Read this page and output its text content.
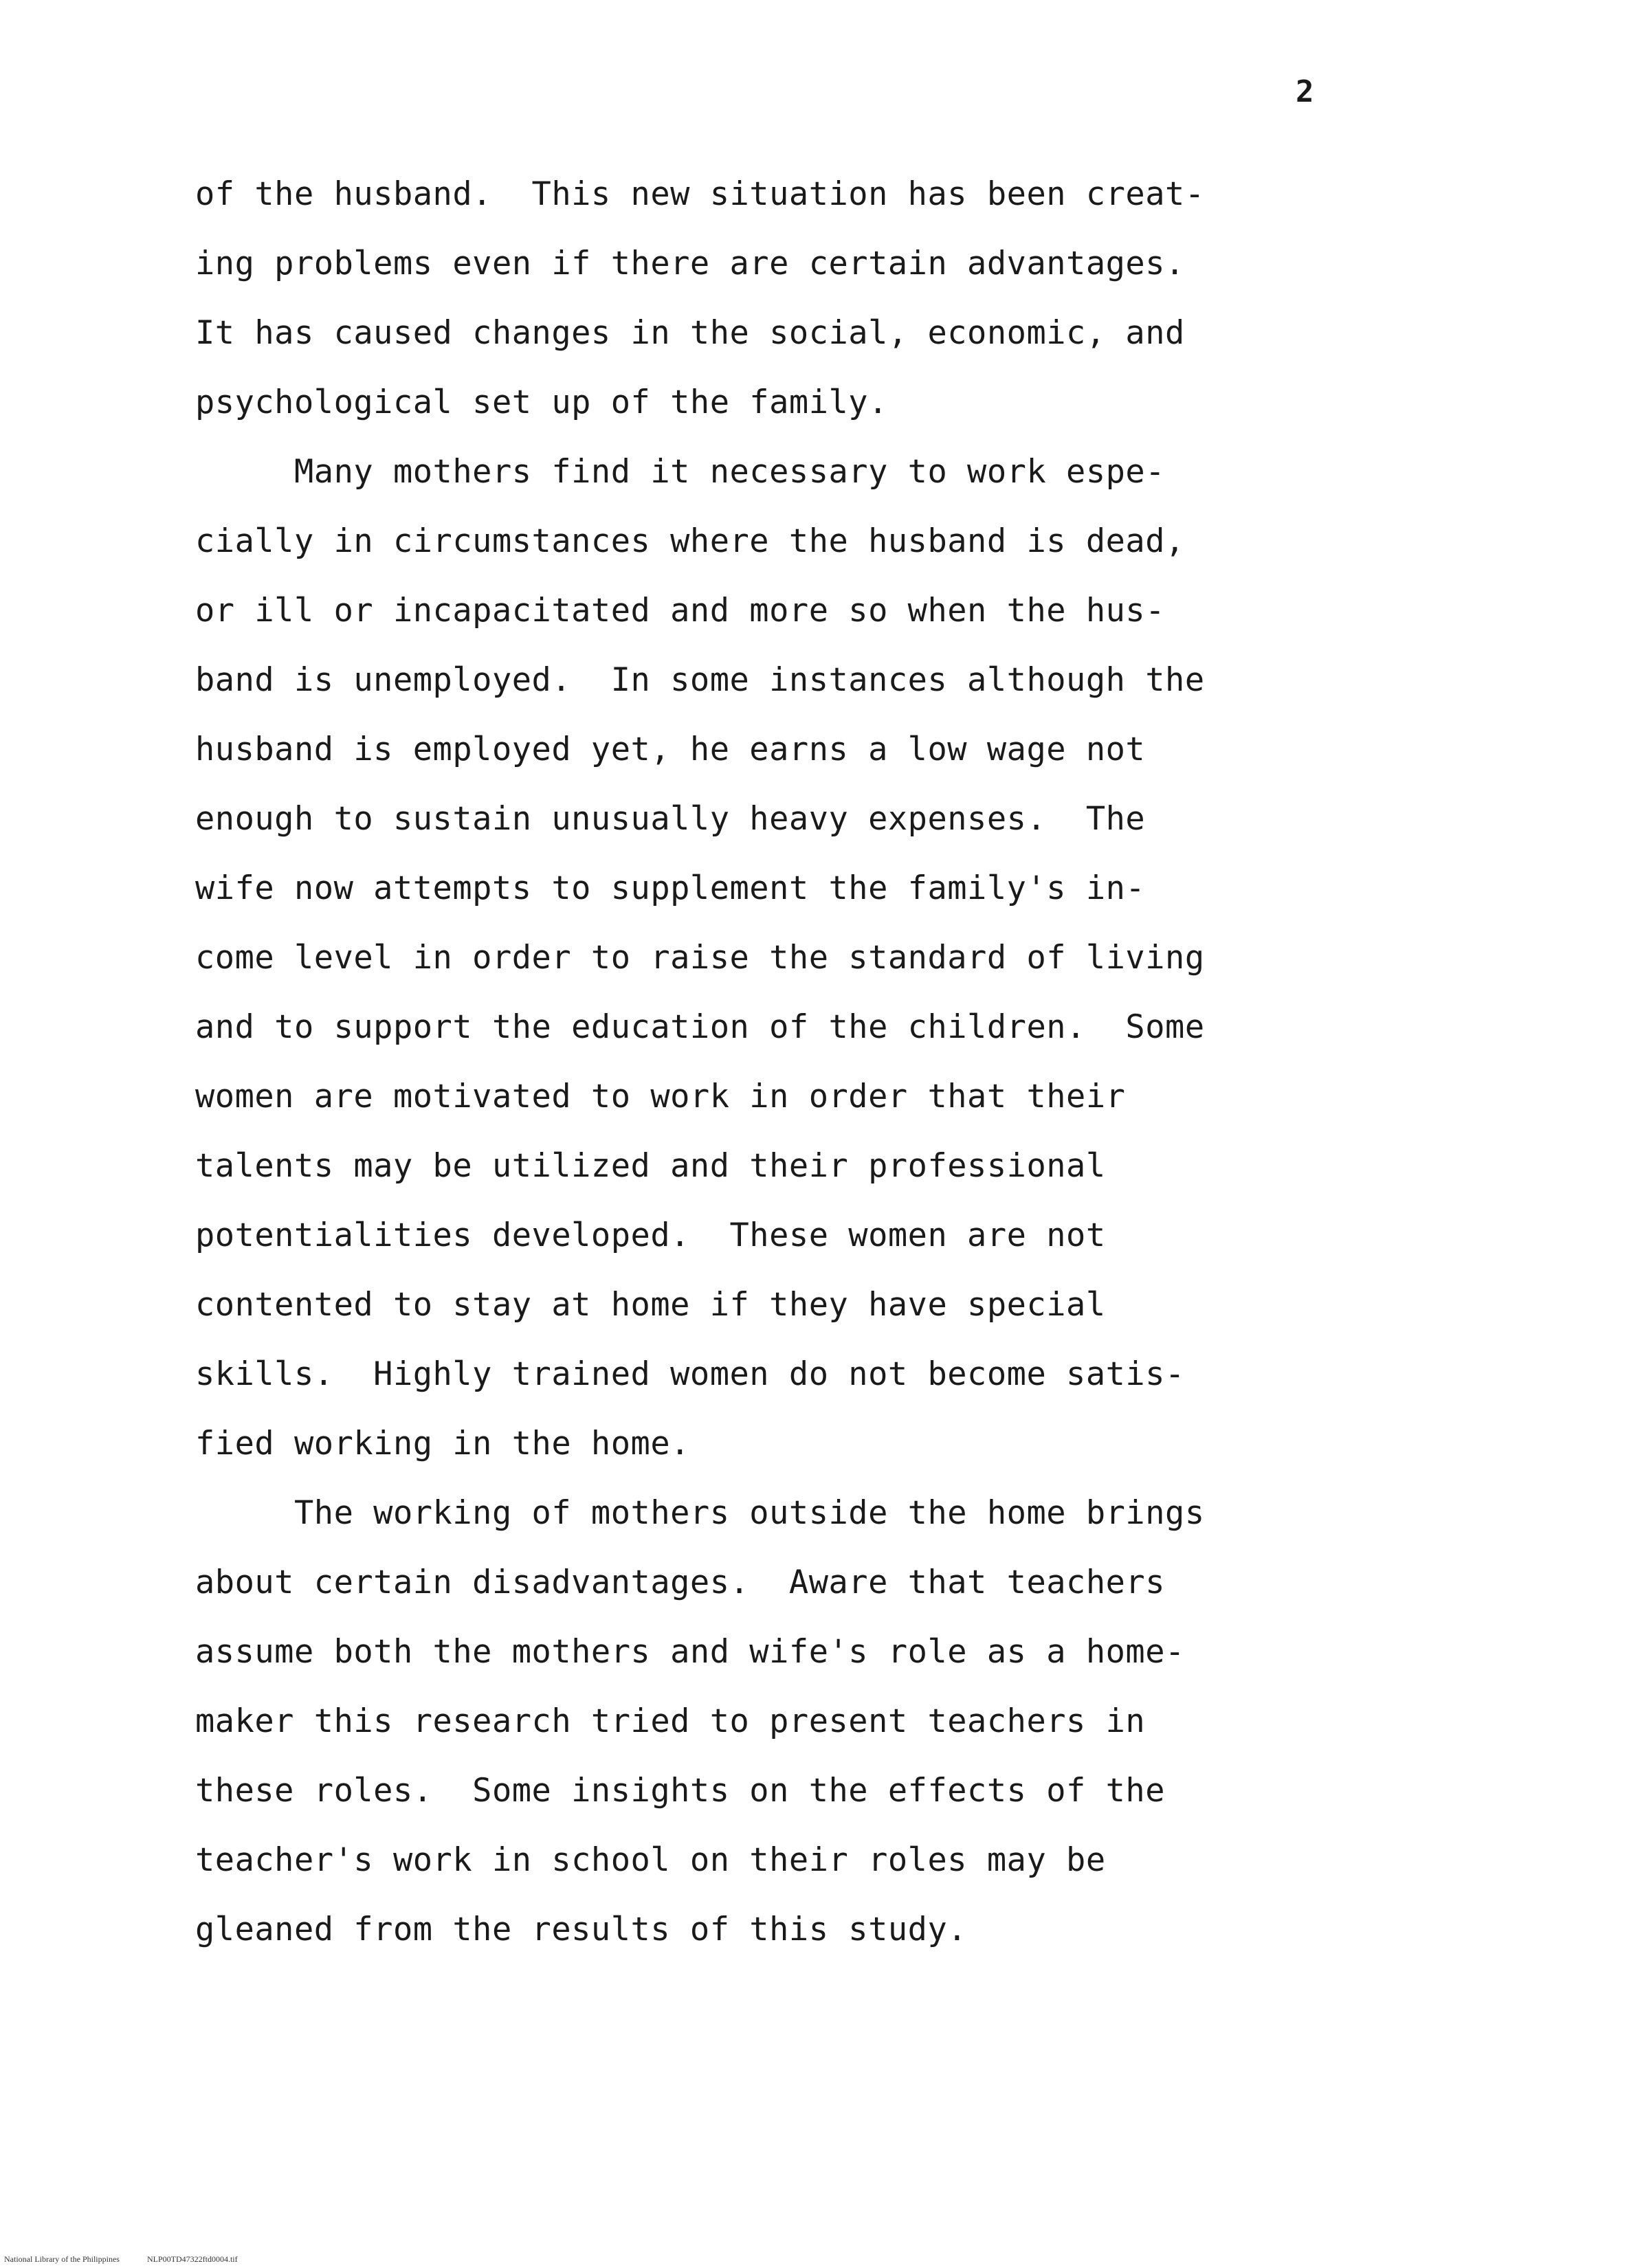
2
of the husband.  This new situation has been creat-
ing problems even if there are certain advantages.
It has caused changes in the social, economic, and
psychological set up of the family.
Many mothers find it necessary to work espe-
cially in circumstances where the husband is dead,
or ill or incapacitated and more so when the hus-
band is unemployed.  In some instances although the
husband is employed yet, he earns a low wage not
enough to sustain unusually heavy expenses.  The
wife now attempts to supplement the family's in-
come level in order to raise the standard of living
and to support the education of the children.  Some
women are motivated to work in order that their
talents may be utilized and their professional
potentialities developed.  These women are not
contented to stay at home if they have special
skills.  Highly trained women do not become satis-
fied working in the home.
The working of mothers outside the home brings
about certain disadvantages.  Aware that teachers
assume both the mothers and wife's role as a home-
maker this research tried to present teachers in
these roles.  Some insights on the effects of the
teacher's work in school on their roles may be
gleaned from the results of this study.
National Library of the Philippines	NLP00TD47322ftd0004.tif
